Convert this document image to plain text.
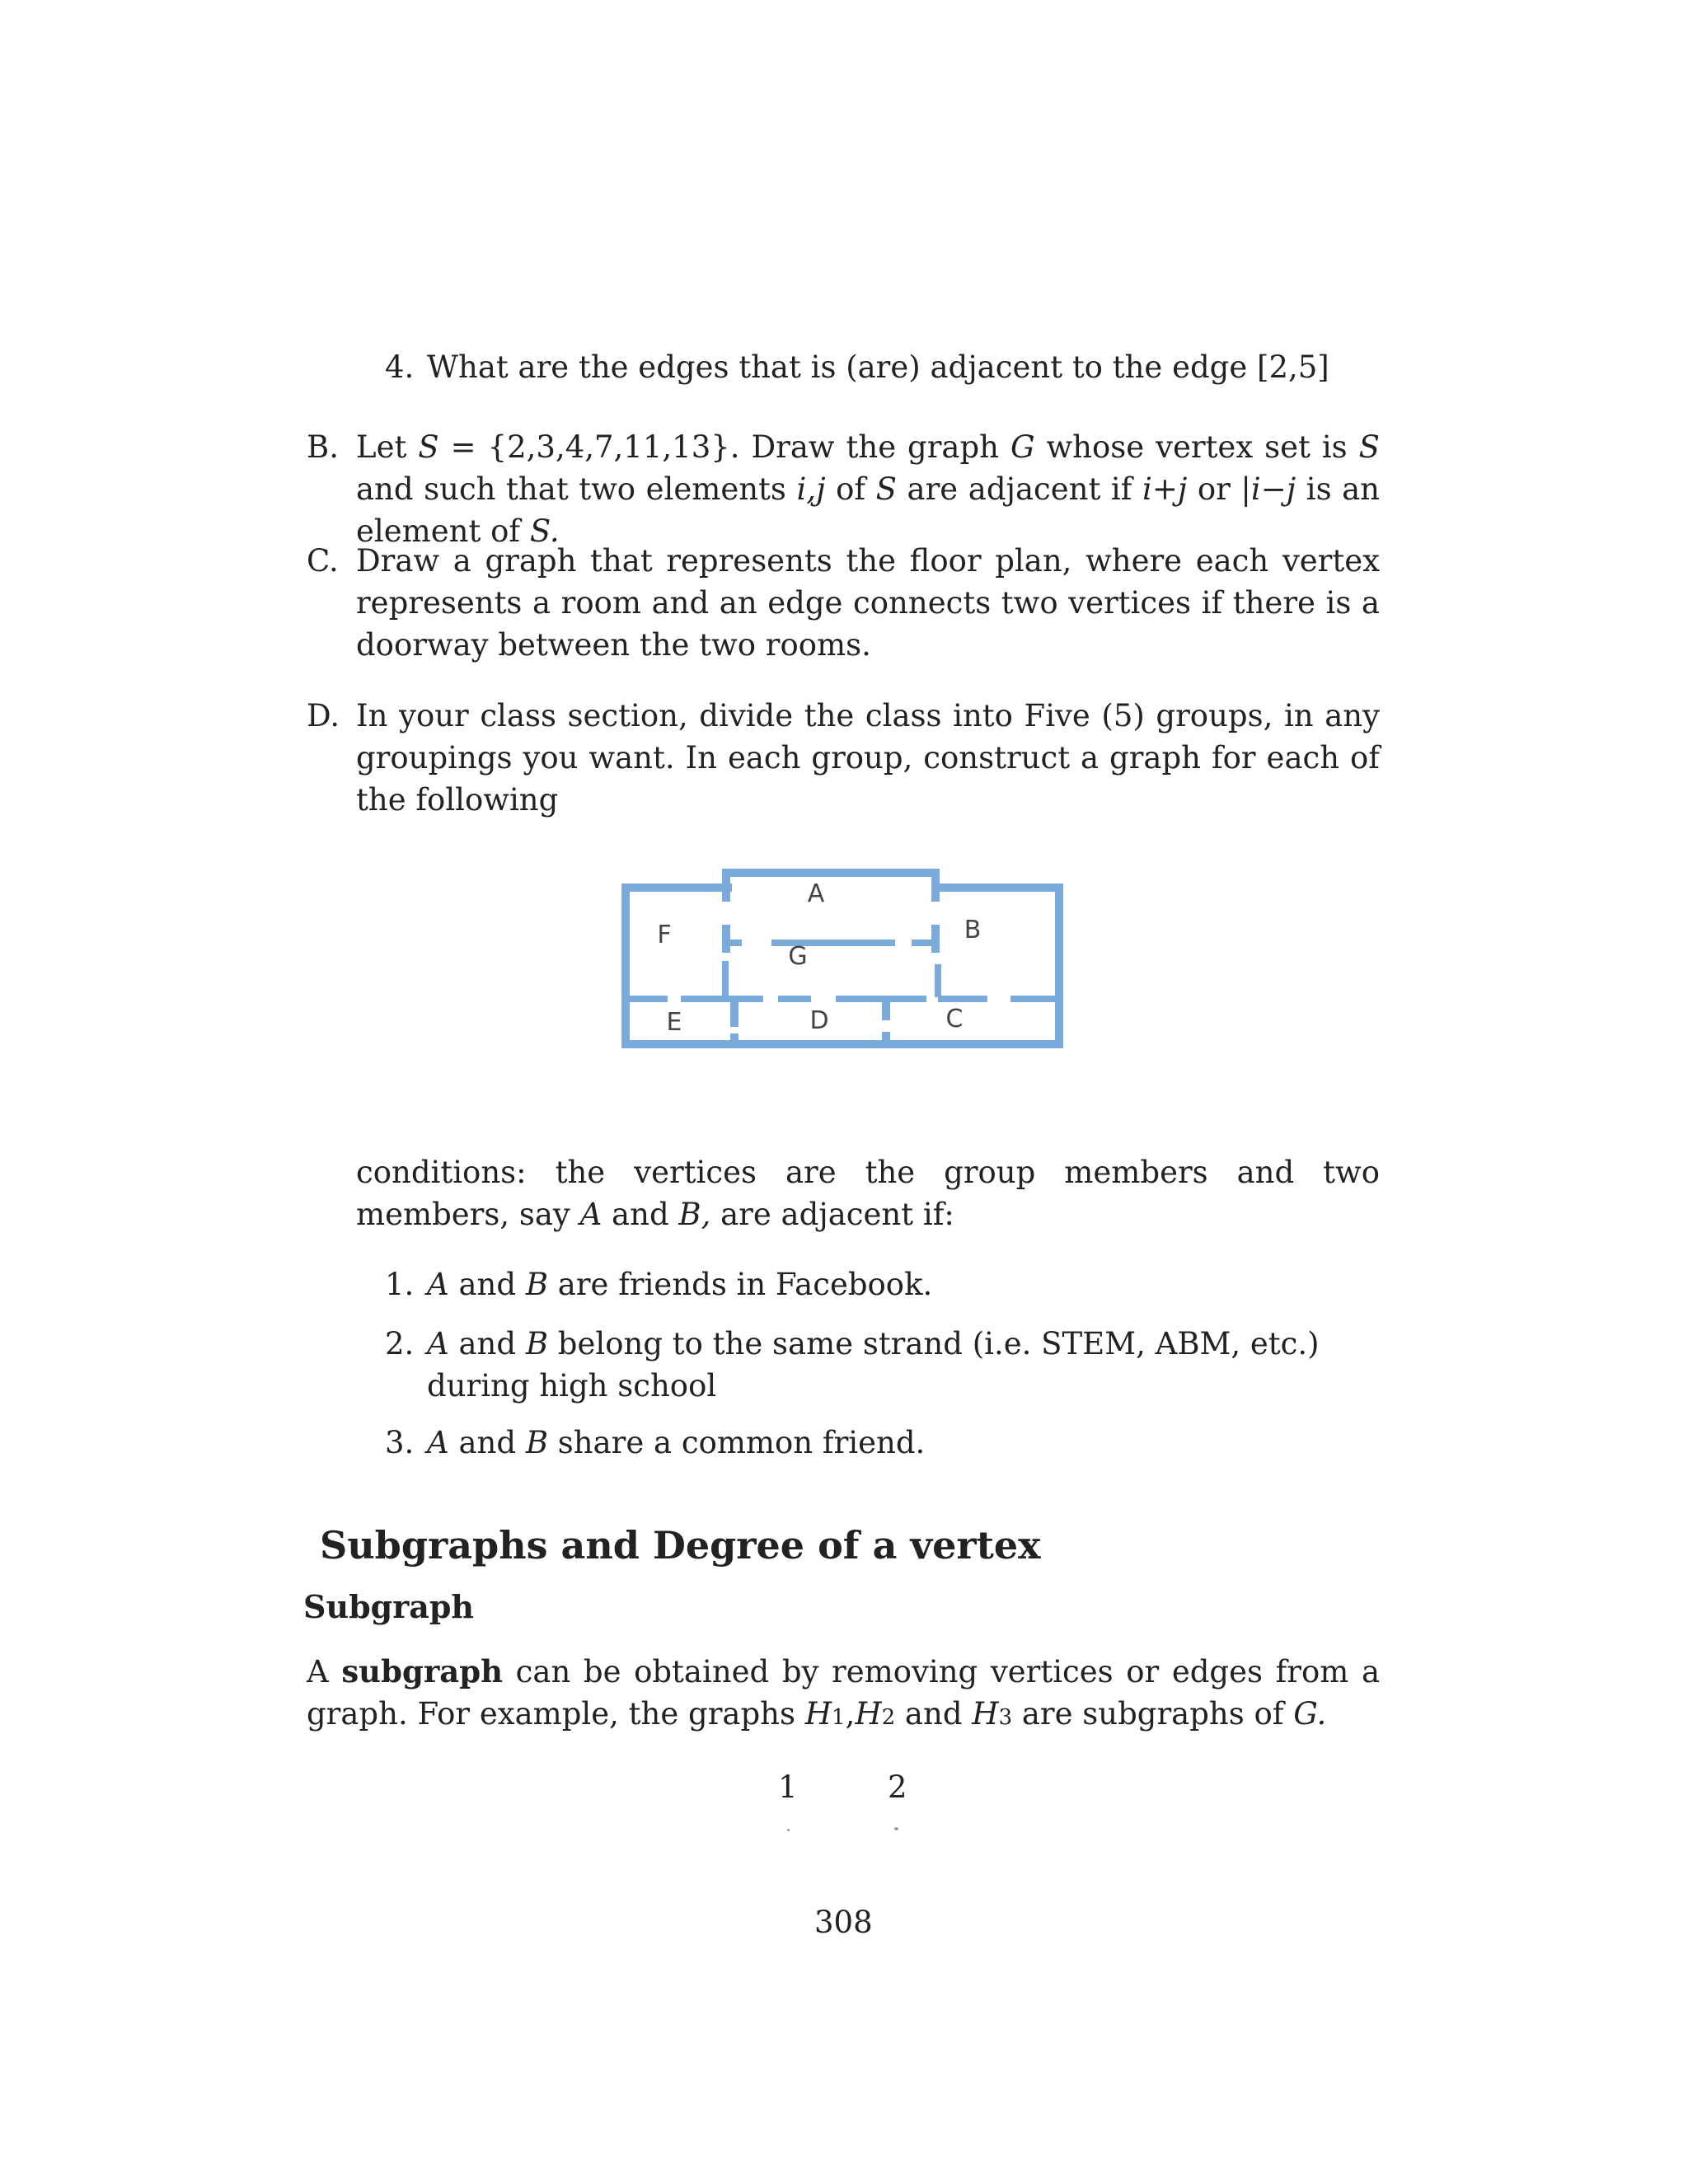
4. What are the edges that is (are) adjacent to the edge [2,5]
B. Let S = {2,3,4,7,11,13}. Draw the graph G whose vertex set is S and such that two elements i,j of S are adjacent if i+j or |i−j is an element of S.

C. Draw a graph that represents the floor plan, where each vertex represents a room and an edge connects two vertices if there is a doorway between the two rooms.

D. In your class section, divide the class into Five (5) groups, in any groupings you want. In each group, construct a graph for each of the following

A
B
C
D
E
F
G

conditions: the vertices are the group members and two members, say A and B, are adjacent if:

1. A and B are friends in Facebook.

2. A and B belong to the same strand (i.e. STEM, ABM, etc.) during high school

3. A and B share a common friend.

Subgraphs and Degree of a vertex
Subgraph

A subgraph can be obtained by removing vertices or edges from a graph. For example, the graphs H1,H2 and H3 are subgraphs of G.

1	2
308
